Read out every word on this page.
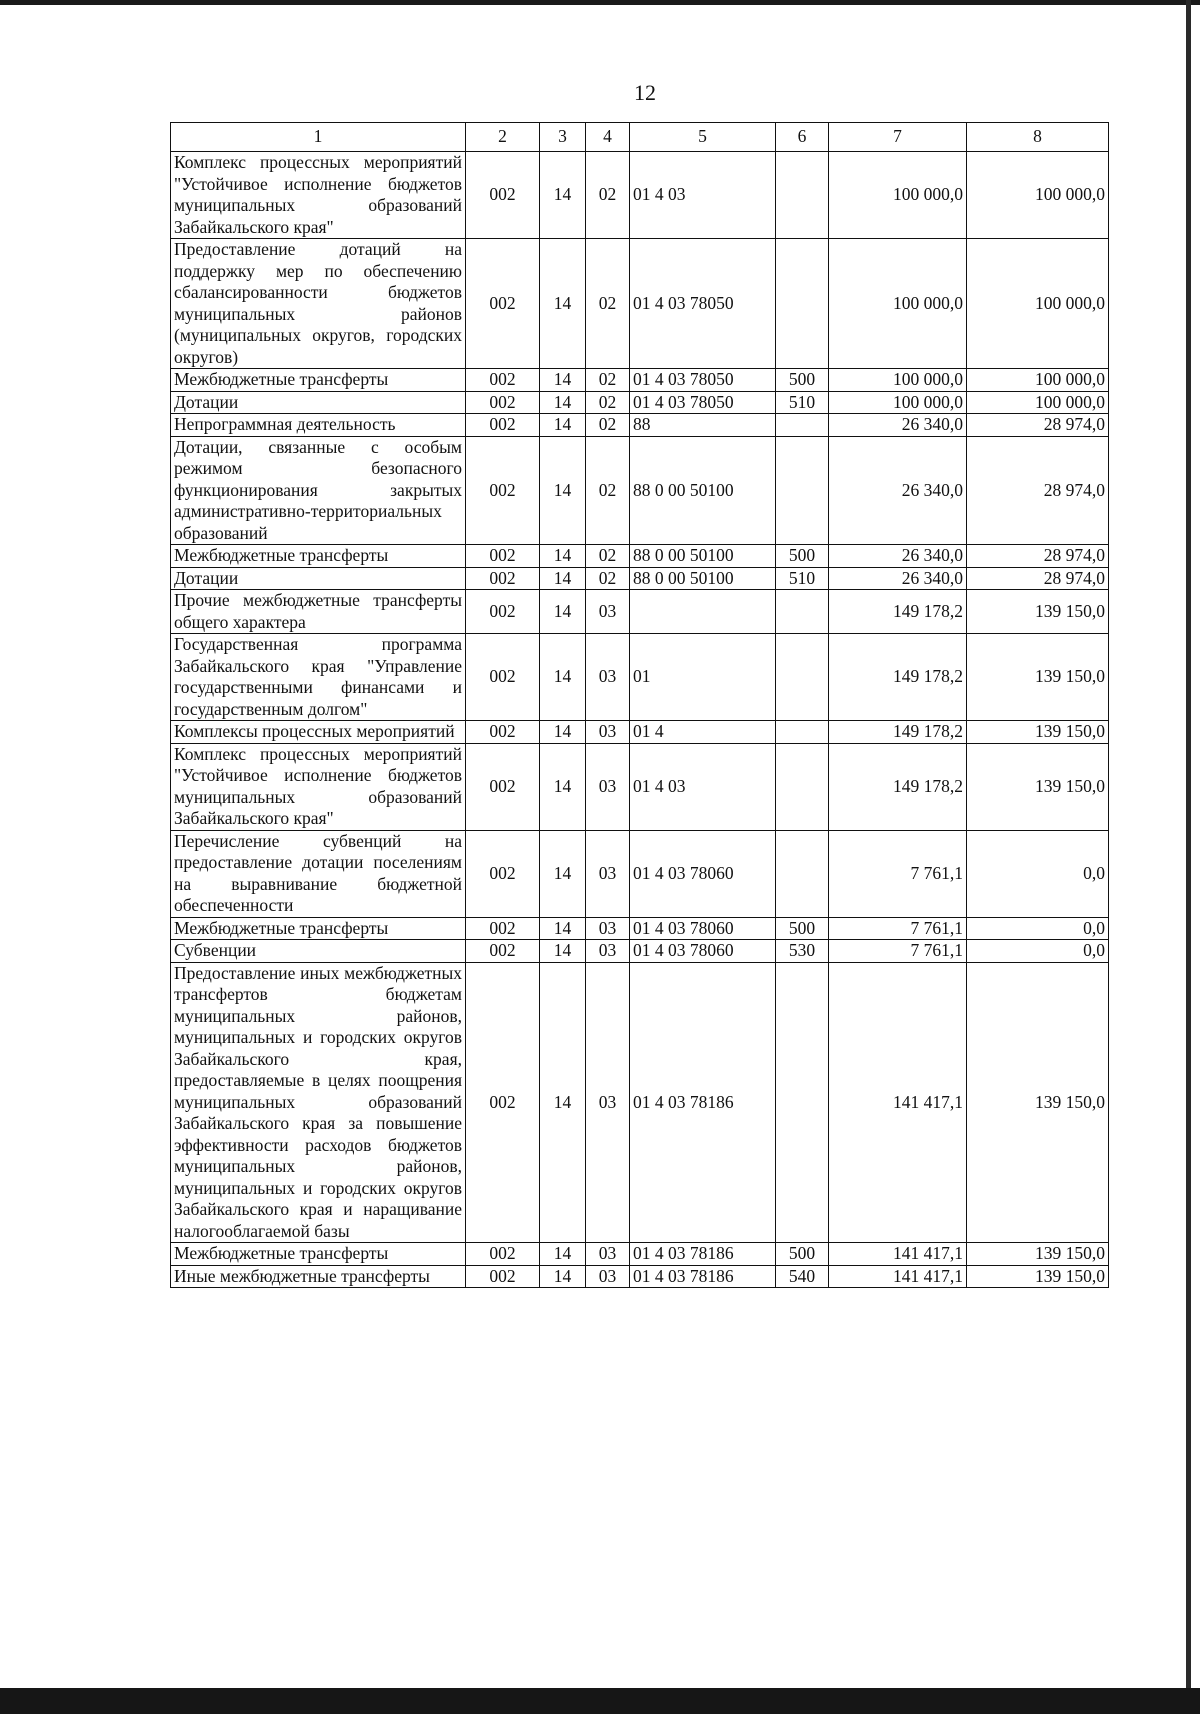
12
1	2	3	4	5	6	7	8
Комплекс процессных мероприятий "Устойчивое исполнение бюджетов муниципальных образований Забайкальского края"	002	14	02	01 4 03		100 000,0	100 000,0
Предоставление дотаций на поддержку мер по обеспечению сбалансированности бюджетов муниципальных районов (муниципальных округов, городских округов)	002	14	02	01 4 03 78050		100 000,0	100 000,0
Межбюджетные трансферты	002	14	02	01 4 03 78050	500	100 000,0	100 000,0
Дотации	002	14	02	01 4 03 78050	510	100 000,0	100 000,0
Непрограммная деятельность	002	14	02	88		26 340,0	28 974,0
Дотации, связанные с особым режимом безопасного функционирования закрытых административно-территориальных образований	002	14	02	88 0 00 50100		26 340,0	28 974,0
Межбюджетные трансферты	002	14	02	88 0 00 50100	500	26 340,0	28 974,0
Дотации	002	14	02	88 0 00 50100	510	26 340,0	28 974,0
Прочие межбюджетные трансферты общего характера	002	14	03			149 178,2	139 150,0
Государственная программа Забайкальского края "Управление государственными финансами и государственным долгом"	002	14	03	01		149 178,2	139 150,0
Комплексы процессных мероприятий	002	14	03	01 4		149 178,2	139 150,0
Комплекс процессных мероприятий "Устойчивое исполнение бюджетов муниципальных образований Забайкальского края"	002	14	03	01 4 03		149 178,2	139 150,0
Перечисление субвенций на предоставление дотации поселениям на выравнивание бюджетной обеспеченности	002	14	03	01 4 03 78060		7 761,1	0,0
Межбюджетные трансферты	002	14	03	01 4 03 78060	500	7 761,1	0,0
Субвенции	002	14	03	01 4 03 78060	530	7 761,1	0,0
Предоставление иных межбюджетных трансфертов бюджетам муниципальных районов, муниципальных и городских округов Забайкальского края, предоставляемые в целях поощрения муниципальных образований Забайкальского края за повышение эффективности расходов бюджетов муниципальных районов, муниципальных и городских округов Забайкальского края и наращивание налогооблагаемой базы	002	14	03	01 4 03 78186		141 417,1	139 150,0
Межбюджетные трансферты	002	14	03	01 4 03 78186	500	141 417,1	139 150,0
Иные межбюджетные трансферты	002	14	03	01 4 03 78186	540	141 417,1	139 150,0
